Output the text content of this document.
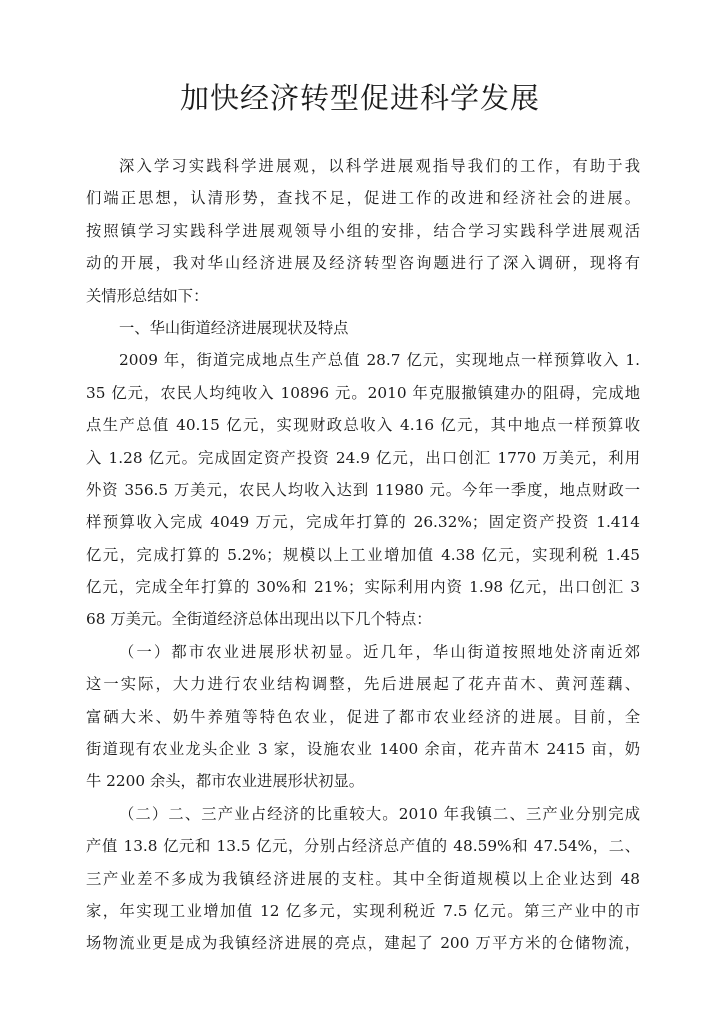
加快经济转型促进科学发展
深入学习实践科学进展观，以科学进展观指导我们的工作，有助于我
们端正思想，认清形势，查找不足，促进工作的改进和经济社会的进展。
按照镇学习实践科学进展观领导小组的安排，结合学习实践科学进展观活
动的开展，我对华山经济进展及经济转型咨询题进行了深入调研，现将有
关情形总结如下：
一、华山街道经济进展现状及特点
2009 年，街道完成地点生产总值 28.7 亿元，实现地点一样预算收入 1.
35 亿元，农民人均纯收入 10896 元。2010 年克服撤镇建办的阻碍，完成地
点生产总值 40.15 亿元，实现财政总收入 4.16 亿元，其中地点一样预算收
入 1.28 亿元。完成固定资产投资 24.9 亿元，出口创汇 1770 万美元，利用
外资 356.5 万美元，农民人均收入达到 11980 元。今年一季度，地点财政一
样预算收入完成 4049 万元，完成年打算的 26.32%；固定资产投资 1.414
亿元，完成打算的 5.2%；规模以上工业增加值 4.38 亿元，实现利税 1.45
亿元，完成全年打算的 30%和 21%；实际利用内资 1.98 亿元，出口创汇 3
68 万美元。全街道经济总体出现出以下几个特点：
（一）都市农业进展形状初显。近几年，华山街道按照地处济南近郊
这一实际，大力进行农业结构调整，先后进展起了花卉苗木、黄河莲藕、
富硒大米、奶牛养殖等特色农业，促进了都市农业经济的进展。目前，全
街道现有农业龙头企业 3 家，设施农业 1400 余亩，花卉苗木 2415 亩，奶
牛 2200 余头，都市农业进展形状初显。
（二）二、三产业占经济的比重较大。2010 年我镇二、三产业分别完成
产值 13.8 亿元和 13.5 亿元，分别占经济总产值的 48.59%和 47.54%，二、
三产业差不多成为我镇经济进展的支柱。其中全街道规模以上企业达到 48
家，年实现工业增加值 12 亿多元，实现利税近 7.5 亿元。第三产业中的市
场物流业更是成为我镇经济进展的亮点，建起了 200 万平方米的仓储物流，
